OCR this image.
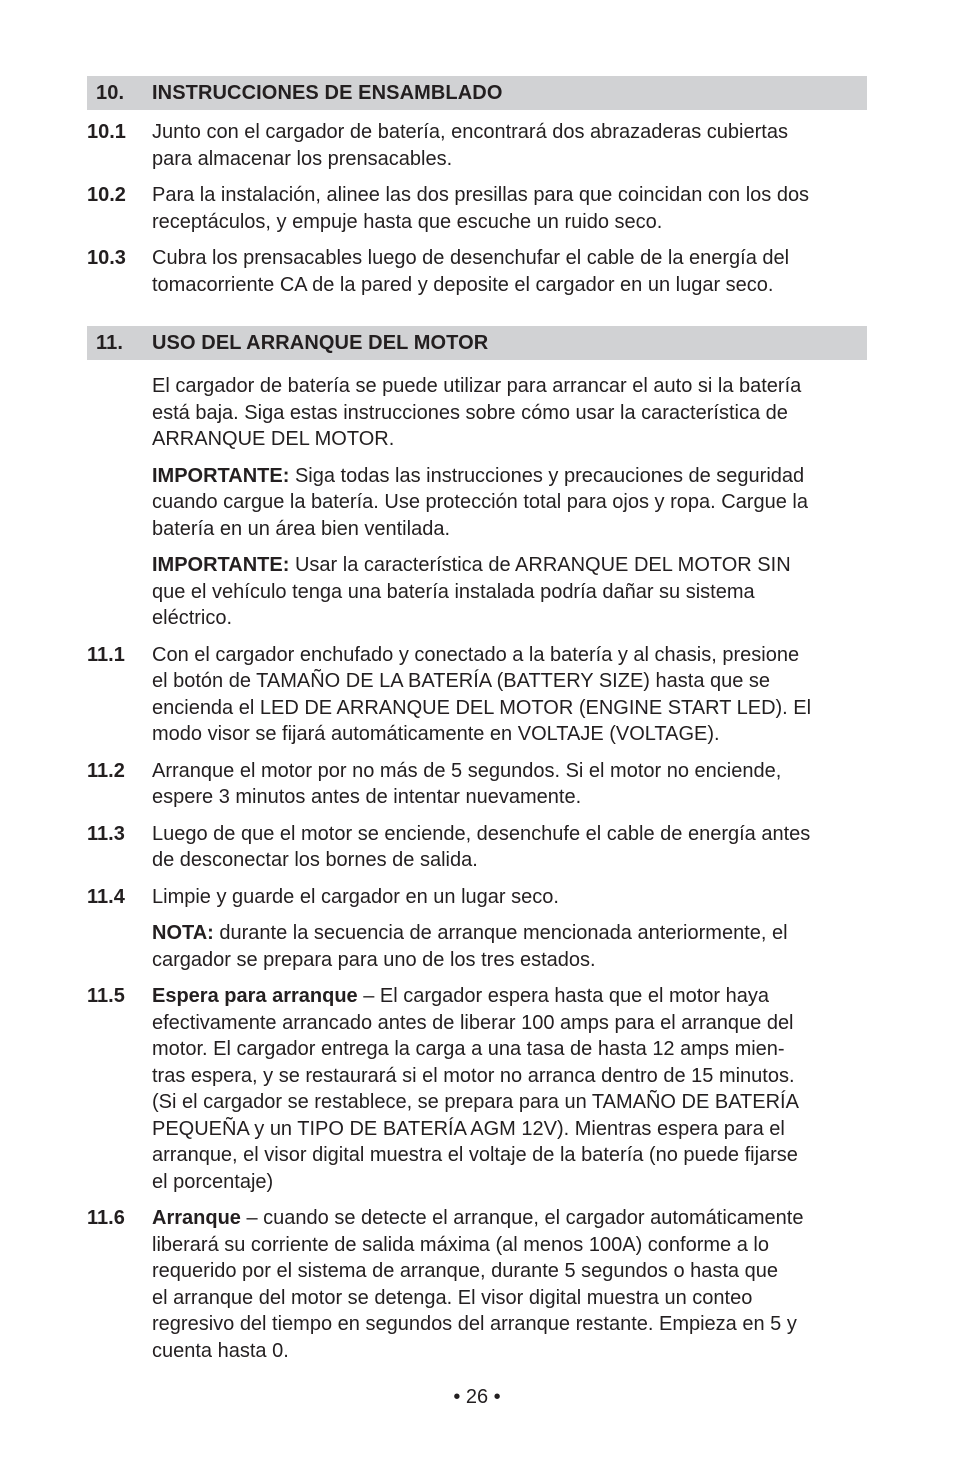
10.	INSTRUCCIONES DE ENSAMBLADO
10.1	Junto con el cargador de batería, encontrará dos abrazaderas cubiertas
para almacenar los prensacables.
10.2	Para la instalación, alinee las dos presillas para que coincidan con los dos
receptáculos, y empuje hasta que escuche un ruido seco.
10.3	Cubra los prensacables luego de desenchufar el cable de la energía del
tomacorriente CA de la pared y deposite el cargador en un lugar seco.
11.	USO DEL ARRANQUE DEL MOTOR
El cargador de batería se puede utilizar para arrancar el auto si la batería
está baja. Siga estas instrucciones sobre cómo usar la característica de
ARRANQUE DEL MOTOR.
IMPORTANTE: Siga todas las instrucciones y precauciones de seguridad
cuando cargue la batería. Use protección total para ojos y ropa. Cargue la
batería en un área bien ventilada.
IMPORTANTE: Usar la característica de ARRANQUE DEL MOTOR SIN
que el vehículo tenga una batería instalada podría dañar su sistema
eléctrico.
11.1	Con el cargador enchufado y conectado a la batería y al chasis, presione
el botón de TAMAÑO DE LA BATERÍA (BATTERY SIZE) hasta que se
encienda el LED DE ARRANQUE DEL MOTOR (ENGINE START LED). El
modo visor se fijará automáticamente en VOLTAJE (VOLTAGE).
11.2	Arranque el motor por no más de 5 segundos. Si el motor no enciende,
espere 3 minutos antes de intentar nuevamente.
11.3	Luego de que el motor se enciende, desenchufe el cable de energía antes
de desconectar los bornes de salida.
11.4	Limpie y guarde el cargador en un lugar seco.
NOTA: durante la secuencia de arranque mencionada anteriormente, el
cargador se prepara para uno de los tres estados.
11.5	Espera para arranque – El cargador espera hasta que el motor haya
efectivamente arrancado antes de liberar 100 amps para el arranque del
motor. El cargador entrega la carga a una tasa de hasta 12 amps mien-
tras espera, y se restaurará si el motor no arranca dentro de 15 minutos.
(Si el cargador se restablece, se prepara para un TAMAÑO DE BATERÍA
PEQUEÑA y un TIPO DE BATERÍA AGM 12V). Mientras espera para el
arranque, el visor digital muestra el voltaje de la batería (no puede fijarse
el porcentaje)
11.6	Arranque – cuando se detecte el arranque, el cargador automáticamente
liberará su corriente de salida máxima (al menos 100A) conforme a lo
requerido por el sistema de arranque, durante 5 segundos o hasta que
el arranque del motor se detenga. El visor digital muestra un conteo
regresivo del tiempo en segundos del arranque restante. Empieza en 5 y
cuenta hasta 0.
• 26 •
